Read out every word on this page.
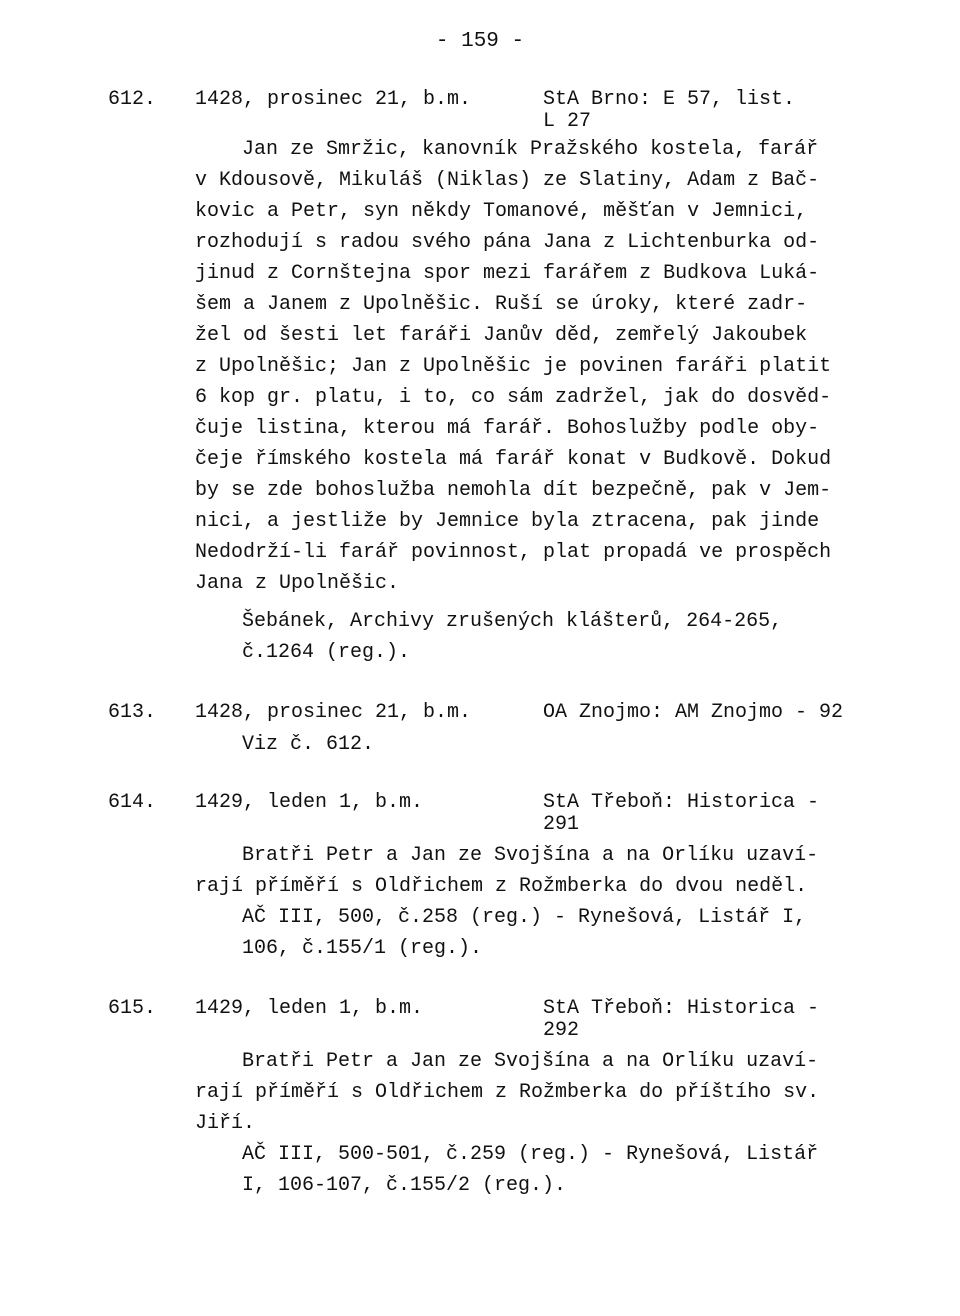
- 159 -
612. 1428, prosinec 21, b.m.	StA Brno: E 57, list.
L 27
Jan ze Smržic, kanovník Pražského kostela, farář
v Kdousově, Mikuláš (Niklas) ze Slatiny, Adam z Bač-
kovic a Petr, syn někdy Tomanové, měšťan v Jemnici,
rozhodují s radou svého pána Jana z Lichtenburka od-
jinud z Cornštejna spor mezi farářem z Budkova Luká-
šem a Janem z Upolněšic. Ruší se úroky, které zadr-
žel od šesti let faráři Janův děd, zemřelý Jakoubek
z Upolněšic; Jan z Upolněšic je povinen faráři platit
6 kop gr. platu, i to, co sám zadržel, jak do dosvěd-
čuje listina, kterou má farář. Bohoslužby podle oby-
čeje římského kostela má farář konat v Budkově. Dokud
by se zde bohoslužba nemohla dít bezpečně, pak v Jem-
nici, a jestliže by Jemnice byla ztracena, pak jinde
Nedodrží-li farář povinnost, plat propadá ve prospěch
Jana z Upolněšic.
Šebánek, Archivy zrušených klášterů, 264-265,
č.1264 (reg.).
613. 1428, prosinec 21, b.m.	OA Znojmo: AM Znojmo - 92
Viz č. 612.
614. 1429, leden 1, b.m.	StA Třeboň: Historica -
291
Bratři Petr a Jan ze Svojšína a na Orlíku uzaví-
rají příměří s Oldřichem z Rožmberka do dvou neděl.
AČ III, 500, č.258 (reg.) - Rynešová, Listář I,
106, č.155/1 (reg.).
615. 1429, leden 1, b.m.	StA Třeboň: Historica -
292
Bratři Petr a Jan ze Svojšína a na Orlíku uzaví-
rají příměří s Oldřichem z Rožmberka do příštího sv.
Jiří.
AČ III, 500-501, č.259 (reg.) - Rynešová, Listář
I, 106-107, č.155/2 (reg.).
